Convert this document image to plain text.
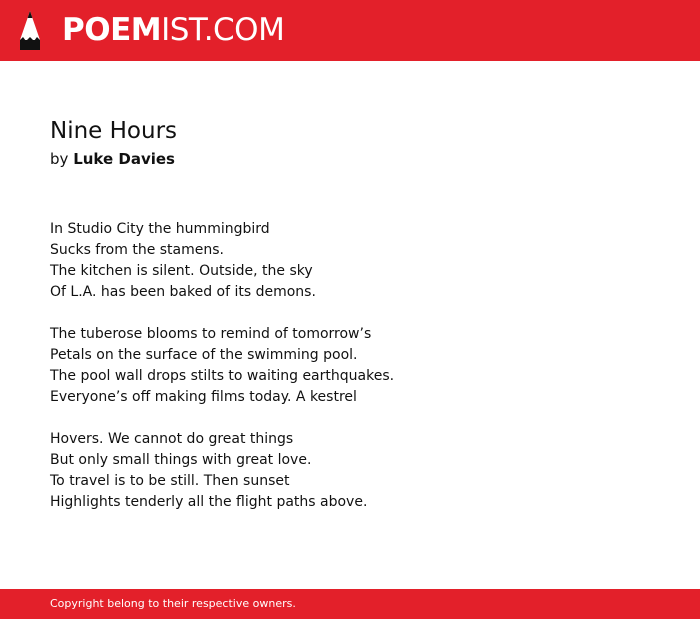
POEMIST.COM
Nine Hours
by Luke Davies
In Studio City the hummingbird
Sucks from the stamens.
The kitchen is silent. Outside, the sky
Of L.A. has been baked of its demons.
The tuberose blooms to remind of tomorrow’s
Petals on the surface of the swimming pool.
The pool wall drops stilts to waiting earthquakes.
Everyone’s off making films today. A kestrel
Hovers. We cannot do great things
But only small things with great love.
To travel is to be still. Then sunset
Highlights tenderly all the flight paths above.
Copyright belong to their respective owners.
